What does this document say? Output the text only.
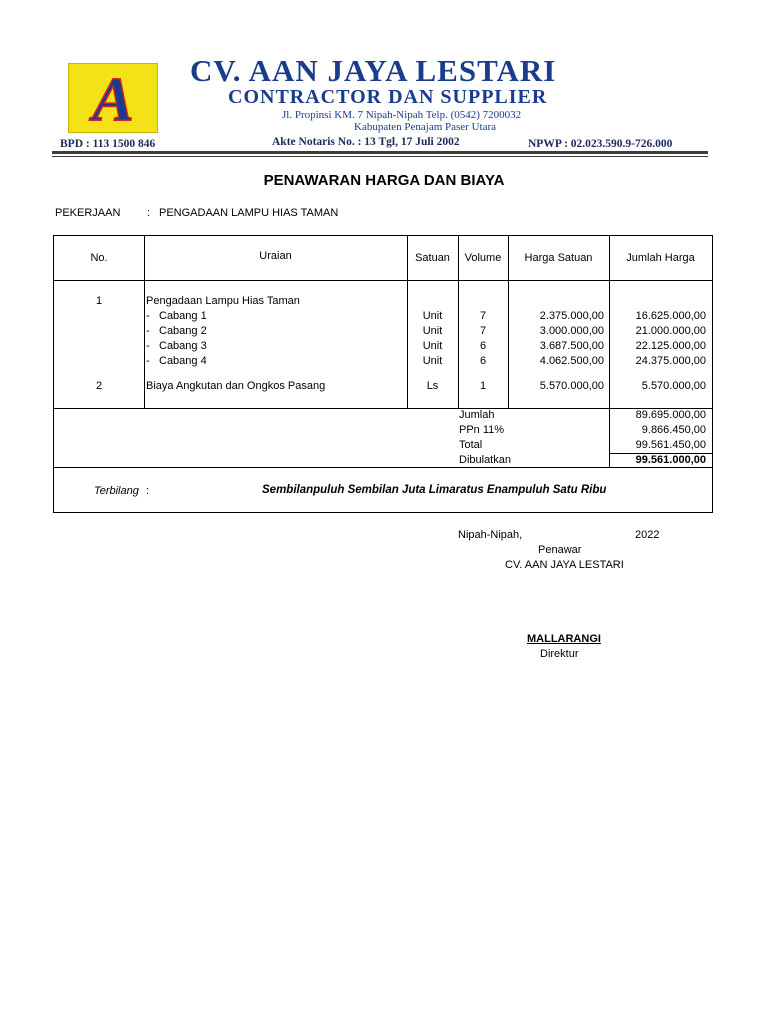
A CV. AAN JAYA LESTARI
CONTRACTOR DAN SUPPLIER
Jl. Propinsi KM. 7 Nipah-Nipah Telp. (0542) 7200032
Kabupaten Penajam Paser Utara
BPD : 113 1500 846	Akte Notaris No. : 13 Tgl, 17 Juli 2002	NPWP : 02.023.590.9-726.000
PENAWARAN HARGA DAN BIAYA
PEKERJAAN : PENGADAAN LAMPU HIAS TAMAN
No.	Uraian	Satuan	Volume	Harga Satuan	Jumlah Harga
1	Pengadaan Lampu Hias Taman
- Cabang 1	Unit	7	2.375.000,00	16.625.000,00
- Cabang 2	Unit	7	3.000.000,00	21.000.000,00
- Cabang 3	Unit	6	3.687.500,00	22.125.000,00
- Cabang 4	Unit	6	4.062.500,00	24.375.000,00
2	Biaya Angkutan dan Ongkos Pasang	Ls	1	5.570.000,00	5.570.000,00
Jumlah	89.695.000,00
PPn 11%	9.866.450,00
Total	99.561.450,00
Dibulatkan	99.561.000,00
Terbilang :	Sembilanpuluh Sembilan Juta Limaratus Enampuluh Satu Ribu
Nipah-Nipah,	2022
Penawar
CV. AAN JAYA LESTARI
MALLARANGI
Direktur
